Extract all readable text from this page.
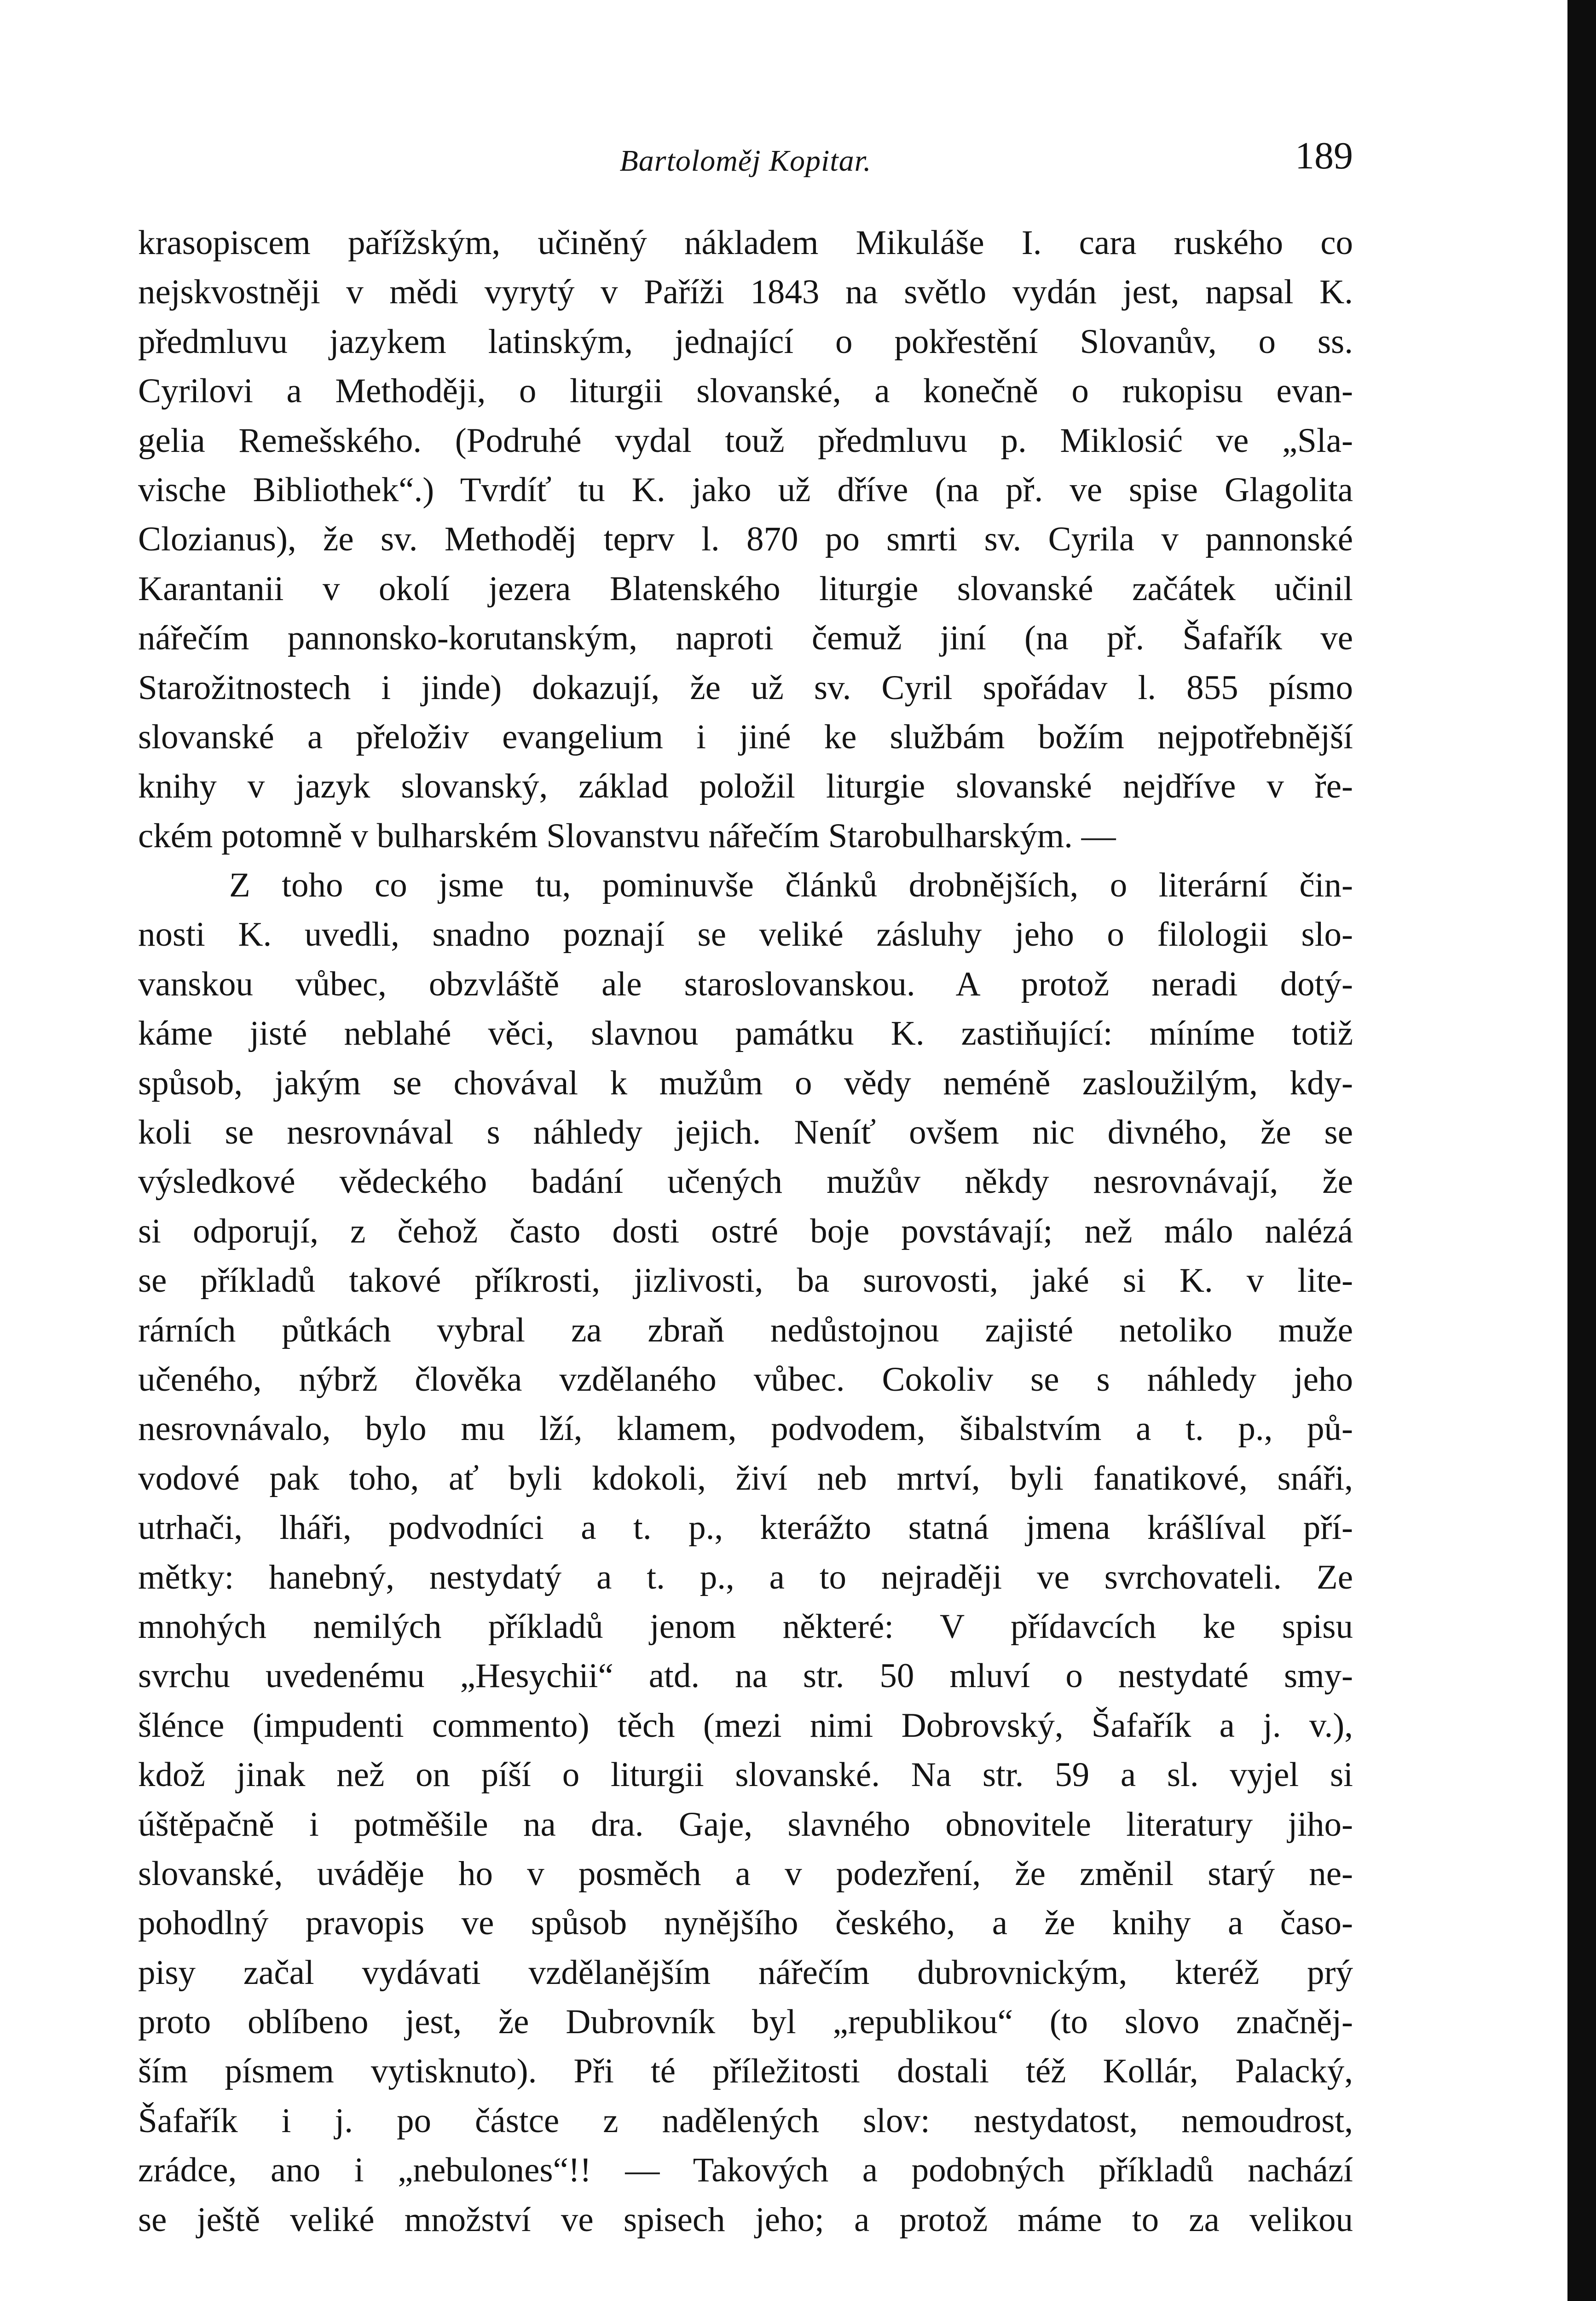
Bartoloměj Kopitar.	189
krasopiscem pařížským, učiněný nákladem Mikuláše I. cara ruského co
nejskvostněji v mědi vyrytý v Paříži 1843 na světlo vydán jest, napsal K.
předmluvu jazykem latinským, jednající o pokřestění Slovanův, o ss.
Cyrilovi a Methoději, o liturgii slovanské, a konečně o rukopisu evan-
gelia Remešského. (Podruhé vydal touž předmluvu p. Miklosić ve „Sla-
vische Bibliothek“.) Tvrdíť tu K. jako už dříve (na př. ve spise Glagolita
Clozianus), že sv. Methoděj teprv l. 870 po smrti sv. Cyrila v pannonské
Karantanii v okolí jezera Blatenského liturgie slovanské začátek učinil
nářečím pannonsko-korutanským, naproti čemuž jiní (na př. Šafařík ve
Starožitnostech i jinde) dokazují, že už sv. Cyril spořádav l. 855 písmo
slovanské a přeloživ evangelium i jiné ke službám božím nejpotřebnější
knihy v jazyk slovanský, základ položil liturgie slovanské nejdříve v ře-
ckém potomně v bulharském Slovanstvu nářečím Starobulharským. —
Z toho co jsme tu, pominuvše článků drobnějších, o literární čin-
nosti K. uvedli, snadno poznají se veliké zásluhy jeho o filologii slo-
vanskou vůbec, obzvláště ale staroslovanskou. A protož neradi dotý-
káme jisté neblahé věci, slavnou památku K. zastiňující: míníme totiž
spůsob, jakým se chovával k mužům o vědy neméně zasloužilým, kdy-
koli se nesrovnával s náhledy jejich. Neníť ovšem nic divného, že se
výsledkové vědeckého badání učených mužův někdy nesrovnávají, že
si odporují, z čehož často dosti ostré boje povstávají; než málo nalézá
se příkladů takové příkrosti, jizlivosti, ba surovosti, jaké si K. v lite-
rárních půtkách vybral za zbraň nedůstojnou zajisté netoliko muže
učeného, nýbrž člověka vzdělaného vůbec. Cokoliv se s náhledy jeho
nesrovnávalo, bylo mu lží, klamem, podvodem, šibalstvím a t. p., pů-
vodové pak toho, ať byli kdokoli, živí neb mrtví, byli fanatikové, snáři,
utrhači, lháři, podvodníci a t. p., kterážto statná jmena krášlíval pří-
mětky: hanebný, nestydatý a t. p., a to nejraději ve svrchovateli. Ze
mnohých nemilých příkladů jenom některé: V přídavcích ke spisu
svrchu uvedenému „Hesychii“ atd. na str. 50 mluví o nestydaté smy-
šlénce (impudenti commento) těch (mezi nimi Dobrovský, Šafařík a j. v.),
kdož jinak než on píší o liturgii slovanské. Na str. 59 a sl. vyjel si
úštěpačně i potměšile na dra. Gaje, slavného obnovitele literatury jiho-
slovanské, uváděje ho v posměch a v podezření, že změnil starý ne-
pohodlný pravopis ve spůsob nynějšího českého, a že knihy a časo-
pisy začal vydávati vzdělanějším nářečím dubrovnickým, kteréž prý
proto oblíbeno jest, že Dubrovník byl „republikou“ (to slovo značněj-
ším písmem vytisknuto). Při té příležitosti dostali též Kollár, Palacký,
Šafařík i j. po částce z nadělených slov: nestydatost, nemoudrost,
zrádce, ano i „nebulones“!! — Takových a podobných příkladů nachází
se ještě veliké množství ve spisech jeho; a protož máme to za velikou
